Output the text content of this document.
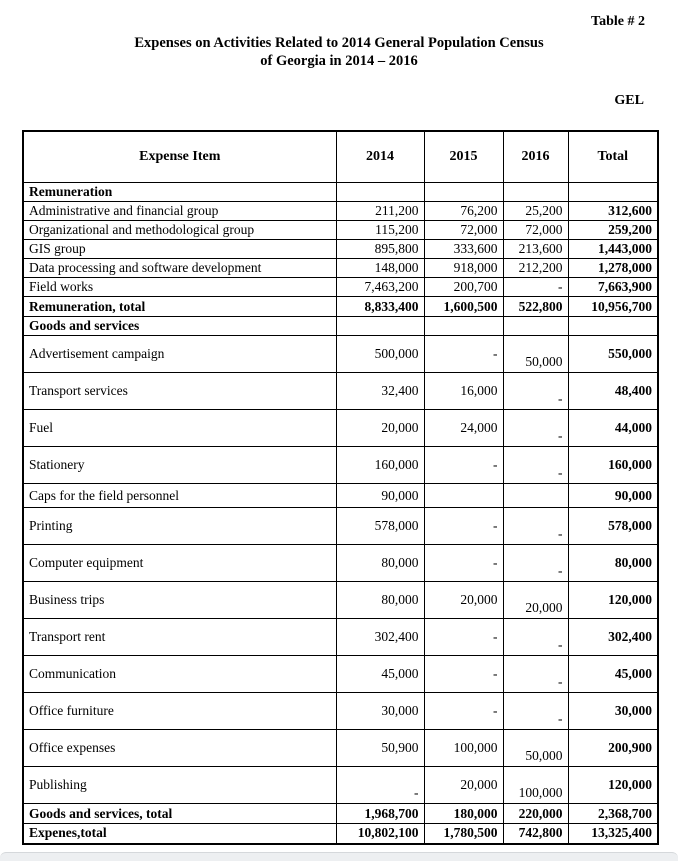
Table # 2
Expenses on Activities Related to 2014 General Population Census
of Georgia in 2014 – 2016
GEL
Expense Item	2014	2015	2016	Total
Remuneration				
Administrative and financial group	211,200	76,200	25,200	312,600
Organizational and methodological group	115,200	72,000	72,000	259,200
GIS group	895,800	333,600	213,600	1,443,000
Data processing and software development	148,000	918,000	212,200	1,278,000
Field works	7,463,200	200,700	-	7,663,900
Remuneration, total	8,833,400	1,600,500	522,800	10,956,700
Goods and services				
Advertisement campaign	500,000	-	50,000	550,000
Transport services	32,400	16,000	-	48,400
Fuel	20,000	24,000	-	44,000
Stationery	160,000	-	-	160,000
Caps for the field personnel	90,000			90,000
Printing	578,000	-	-	578,000
Computer equipment	80,000	-	-	80,000
Business trips	80,000	20,000	20,000	120,000
Transport rent	302,400	-	-	302,400
Communication	45,000	-	-	45,000
Office furniture	30,000	-	-	30,000
Office expenses	50,900	100,000	50,000	200,900
Publishing	-	20,000	100,000	120,000
Goods and services, total	1,968,700	180,000	220,000	2,368,700
Expenes,total	10,802,100	1,780,500	742,800	13,325,400
